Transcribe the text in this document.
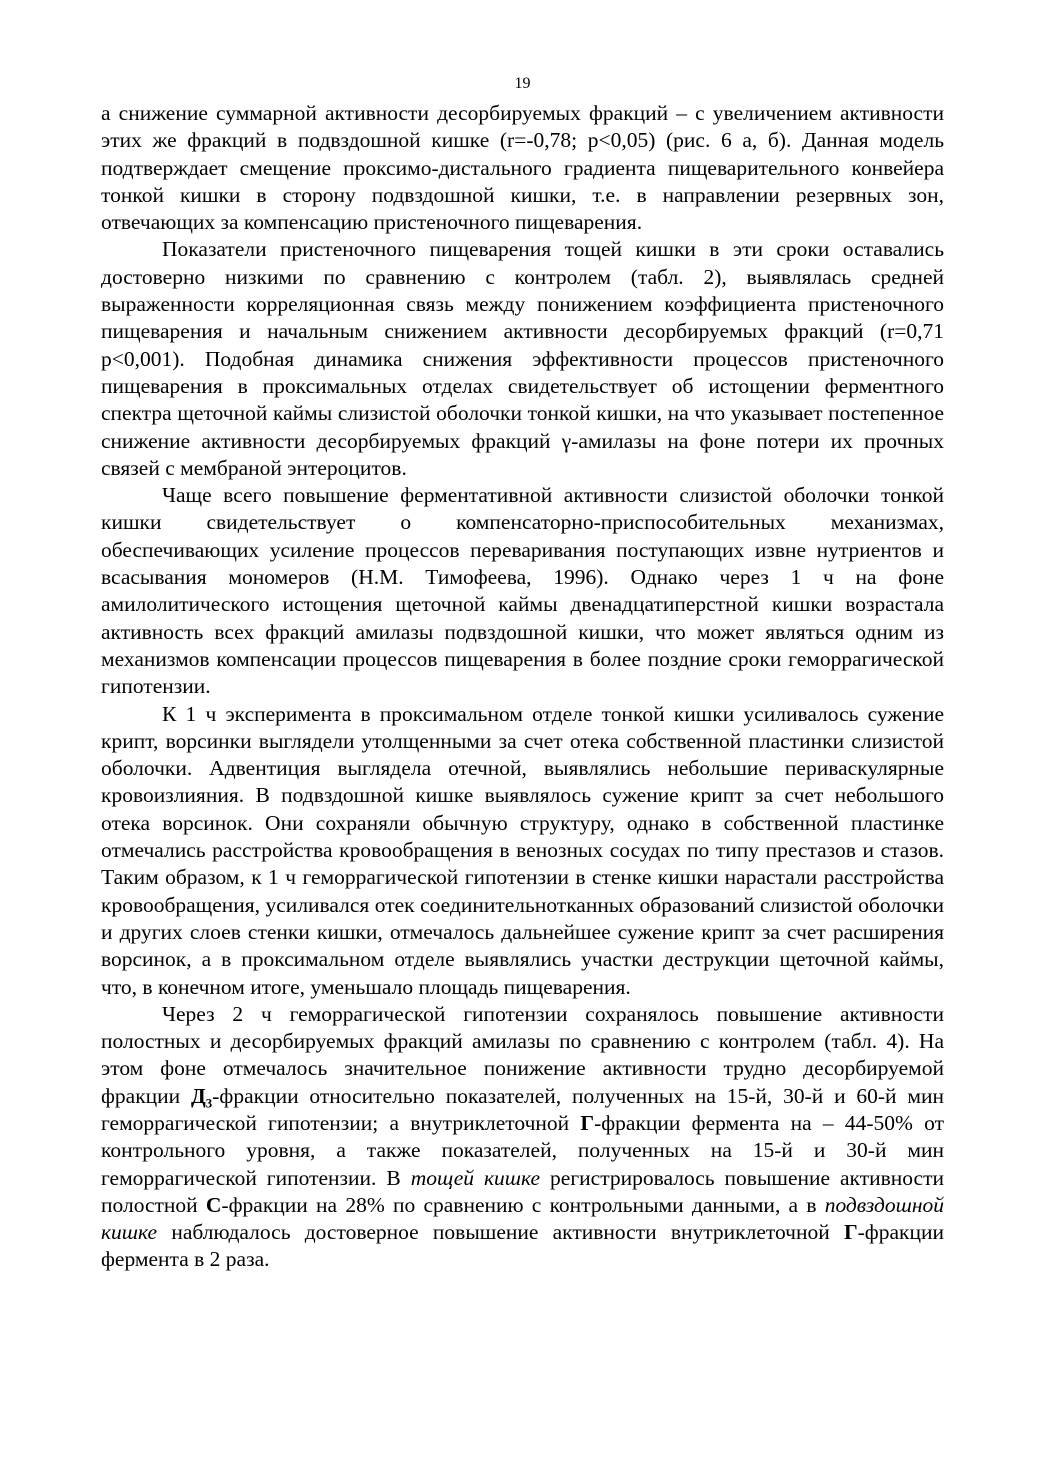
19

а снижение суммарной активности десорбируемых фракций – с увеличением активности этих же фракций в подвздошной кишке (r=-0,78; p<0,05) (рис. 6 а, б). Данная модель подтверждает смещение проксимо-дистального градиента пищеварительного конвейера тонкой кишки в сторону подвздошной кишки, т.е. в направлении резервных зон, отвечающих за компенсацию пристеночного пищеварения.

Показатели пристеночного пищеварения тощей кишки в эти сроки оставались достоверно низкими по сравнению с контролем (табл. 2), выявлялась средней выраженности корреляционная связь между понижением коэффициента пристеночного пищеварения и начальным снижением активности десорбируемых фракций (r=0,71 p<0,001). Подобная динамика снижения эффективности процессов пристеночного пищеварения в проксимальных отделах свидетельствует об истощении ферментного спектра щеточной каймы слизистой оболочки тонкой кишки, на что указывает постепенное снижение активности десорбируемых фракций γ-амилазы на фоне потери их прочных связей с мембраной энтероцитов.

Чаще всего повышение ферментативной активности слизистой оболочки тонкой кишки свидетельствует о компенсаторно-приспособительных механизмах, обеспечивающих усиление процессов переваривания поступающих извне нутриентов и всасывания мономеров (Н.М. Тимофеева, 1996). Однако через 1 ч на фоне амилолитического истощения щеточной каймы двенадцатиперстной кишки возрастала активность всех фракций амилазы подвздошной кишки, что может являться одним из механизмов компенсации процессов пищеварения в более поздние сроки геморрагической гипотензии.

К 1 ч эксперимента в проксимальном отделе тонкой кишки усиливалось сужение крипт, ворсинки выглядели утолщенными за счет отека собственной пластинки слизистой оболочки. Адвентиция выглядела отечной, выявлялись небольшие периваскулярные кровоизлияния. В подвздошной кишке выявлялось сужение крипт за счет небольшого отека ворсинок. Они сохраняли обычную структуру, однако в собственной пластинке отмечались расстройства кровообращения в венозных сосудах по типу престазов и стазов. Таким образом, к 1 ч геморрагической гипотензии в стенке кишки нарастали расстройства кровообращения, усиливался отек соединительнотканных образований слизистой оболочки и других слоев стенки кишки, отмечалось дальнейшее сужение крипт за счет расширения ворсинок, а в проксимальном отделе выявлялись участки деструкции щеточной каймы, что, в конечном итоге, уменьшало площадь пищеварения.

Через 2 ч геморрагической гипотензии сохранялось повышение активности полостных и десорбируемых фракций амилазы по сравнению с контролем (табл. 4). На этом фоне отмечалось значительное понижение активности трудно десорбируемой фракции Д₃-фракции относительно показателей, полученных на 15-й, 30-й и 60-й мин геморрагической гипотензии; а внутриклеточной Г-фракции фермента на – 44-50% от контрольного уровня, а также показателей, полученных на 15-й и 30-й мин геморрагической гипотензии. В тощей кишке регистрировалось повышение активности полостной С-фракции на 28% по сравнению с контрольными данными, а в подвздошной кишке наблюдалось достоверное повышение активности внутриклеточной Г-фракции фермента в 2 раза.
